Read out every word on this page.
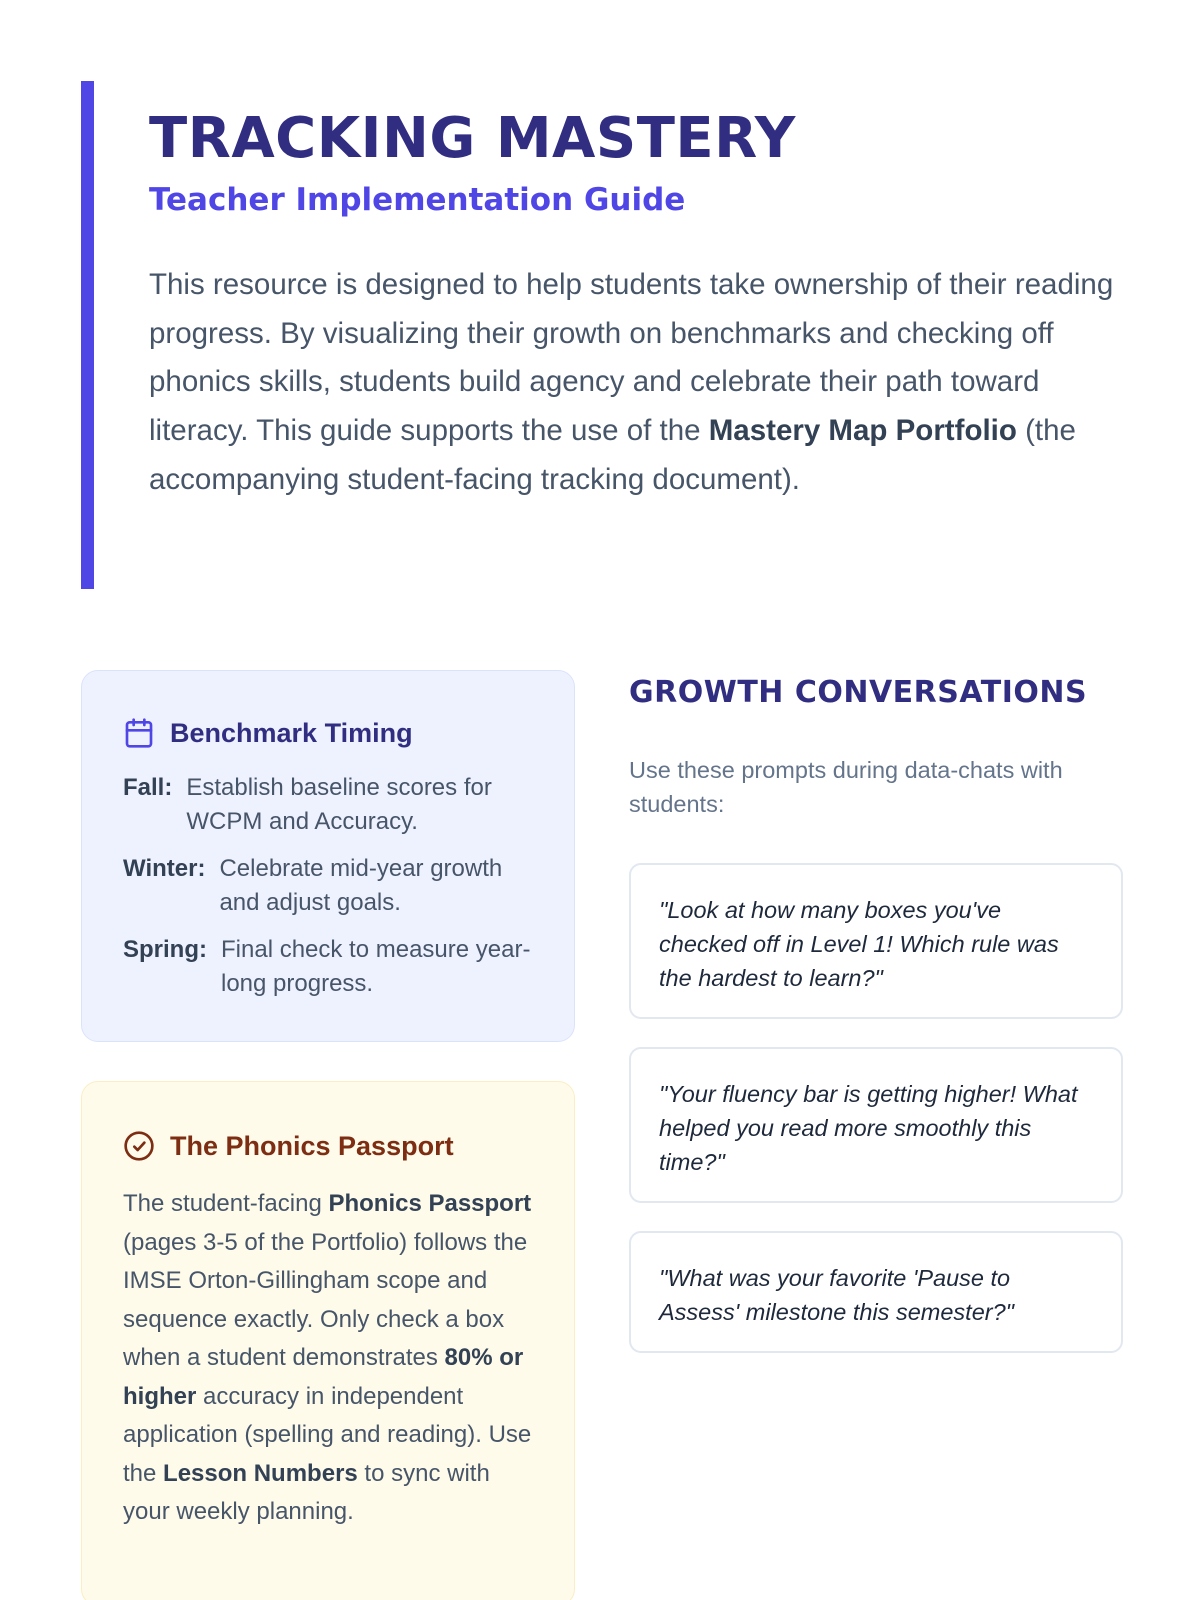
TRACKING MASTERY
Teacher Implementation Guide

This resource is designed to help students take ownership of their reading progress. By visualizing their growth on benchmarks and checking off phonics skills, students build agency and celebrate their path toward literacy. This guide supports the use of the Mastery Map Portfolio (the accompanying student-facing tracking document).

Benchmark Timing
Fall: Establish baseline scores for WCPM and Accuracy.
Winter: Celebrate mid-year growth and adjust goals.
Spring: Final check to measure year-long progress.
The Phonics Passport

The student-facing Phonics Passport (pages 3-5 of the Portfolio) follows the IMSE Orton-Gillingham scope and sequence exactly. Only check a box when a student demonstrates 80% or higher accuracy in independent application (spelling and reading). Use the Lesson Numbers to sync with your weekly planning.

GROWTH CONVERSATIONS

Use these prompts during data-chats with students:

"Look at how many boxes you've checked off in Level 1! Which rule was the hardest to learn?"
"Your fluency bar is getting higher! What helped you read more smoothly this time?"
"What was your favorite 'Pause to Assess' milestone this semester?"
